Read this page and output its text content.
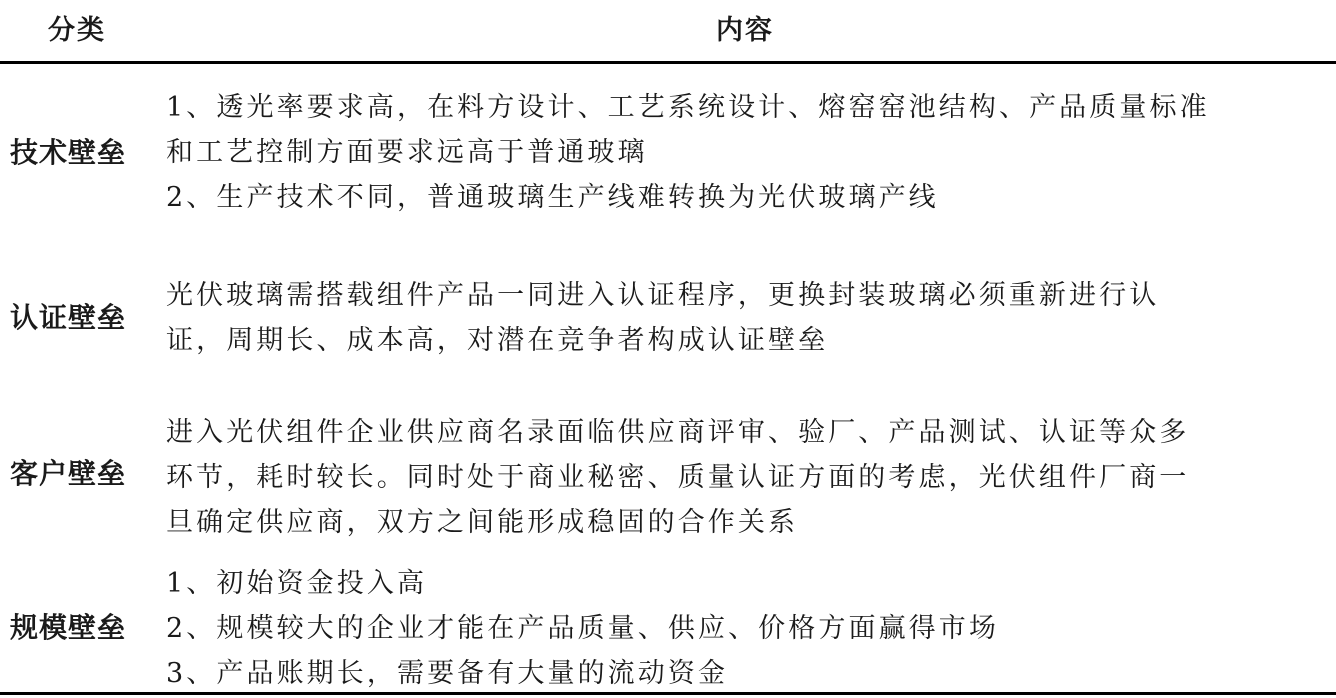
分类	内容
技术壁垒
1、透光率要求高，在料方设计、工艺系统设计、熔窑窑池结构、产品质量标准
和工艺控制方面要求远高于普通玻璃
2、生产技术不同，普通玻璃生产线难转换为光伏玻璃产线
认证壁垒
光伏玻璃需搭载组件产品一同进入认证程序，更换封装玻璃必须重新进行认
证，周期长、成本高，对潜在竞争者构成认证壁垒
客户壁垒
进入光伏组件企业供应商名录面临供应商评审、验厂、产品测试、认证等众多
环节，耗时较长。同时处于商业秘密、质量认证方面的考虑，光伏组件厂商一
旦确定供应商，双方之间能形成稳固的合作关系
规模壁垒
1、初始资金投入高
2、规模较大的企业才能在产品质量、供应、价格方面赢得市场
3、产品账期长，需要备有大量的流动资金
